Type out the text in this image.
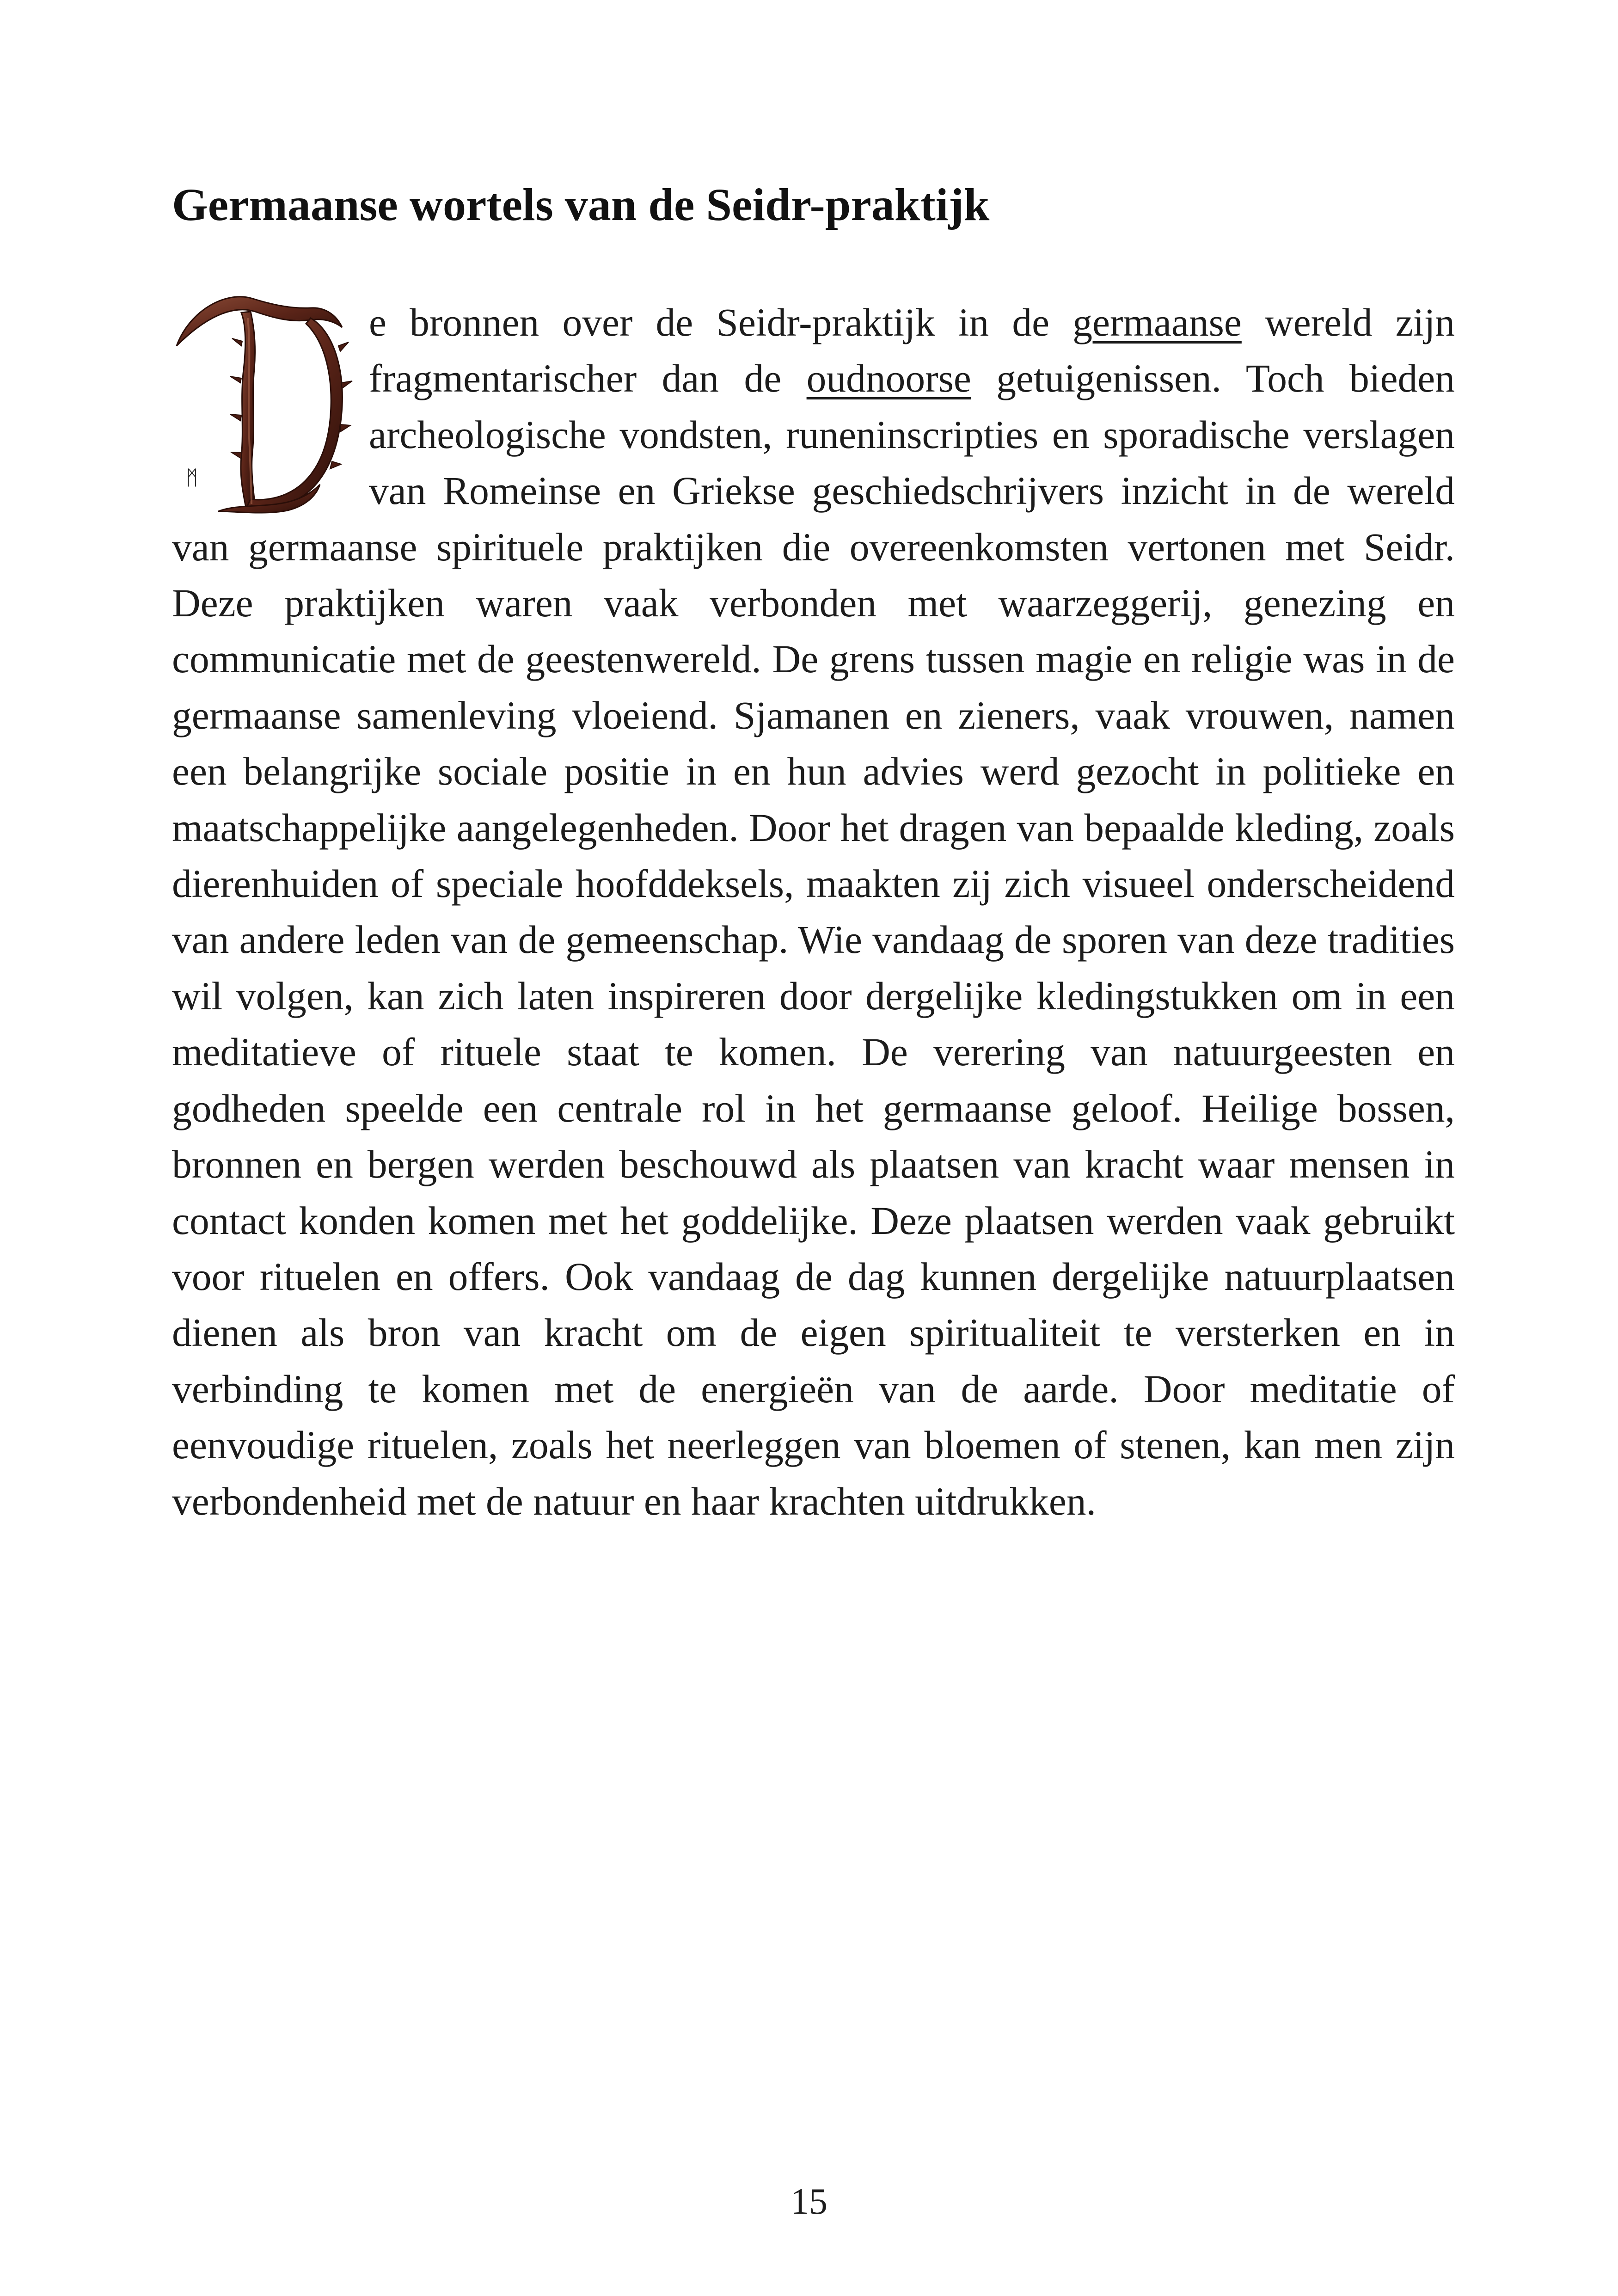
Germaanse wortels van de Seidr-praktijk

ᛗ
e bronnen over de Seidr-praktijk in de germaanse wereld zijn fragmentarischer dan de oudnoorse getuigenissen. Toch bieden archeologische vondsten, runeninscripties en sporadische verslagen van Romeinse en Griekse geschiedschrijvers inzicht in de wereld van germaanse spirituele praktijken die overeenkomsten vertonen met Seidr. Deze praktijken waren vaak verbonden met waarzeggerij, genezing en communicatie met de geestenwereld. De grens tussen magie en religie was in de germaanse samenleving vloeiend. Sjamanen en zieners, vaak vrouwen, namen een belangrijke sociale positie in en hun advies werd gezocht in politieke en maatschappelijke aangelegenheden. Door het dragen van bepaalde kleding, zoals dierenhuiden of speciale hoofddeksels, maakten zij zich visueel onderscheidend van andere leden van de gemeenschap. Wie vandaag de sporen van deze tradities wil volgen, kan zich laten inspireren door dergelijke kledingstukken om in een meditatieve of rituele staat te komen. De verering van natuurgeesten en godheden speelde een centrale rol in het germaanse geloof. Heilige bossen, bronnen en bergen werden beschouwd als plaatsen van kracht waar mensen in contact konden komen met het goddelijke. Deze plaatsen werden vaak gebruikt voor rituelen en offers. Ook vandaag de dag kunnen dergelijke natuurplaatsen dienen als bron van kracht om de eigen spiritualiteit te versterken en in verbinding te komen met de energieën van de aarde. Door meditatie of eenvoudige rituelen, zoals het neerleggen van bloemen of stenen, kan men zijn verbondenheid met de natuur en haar krachten uitdrukken.

15
